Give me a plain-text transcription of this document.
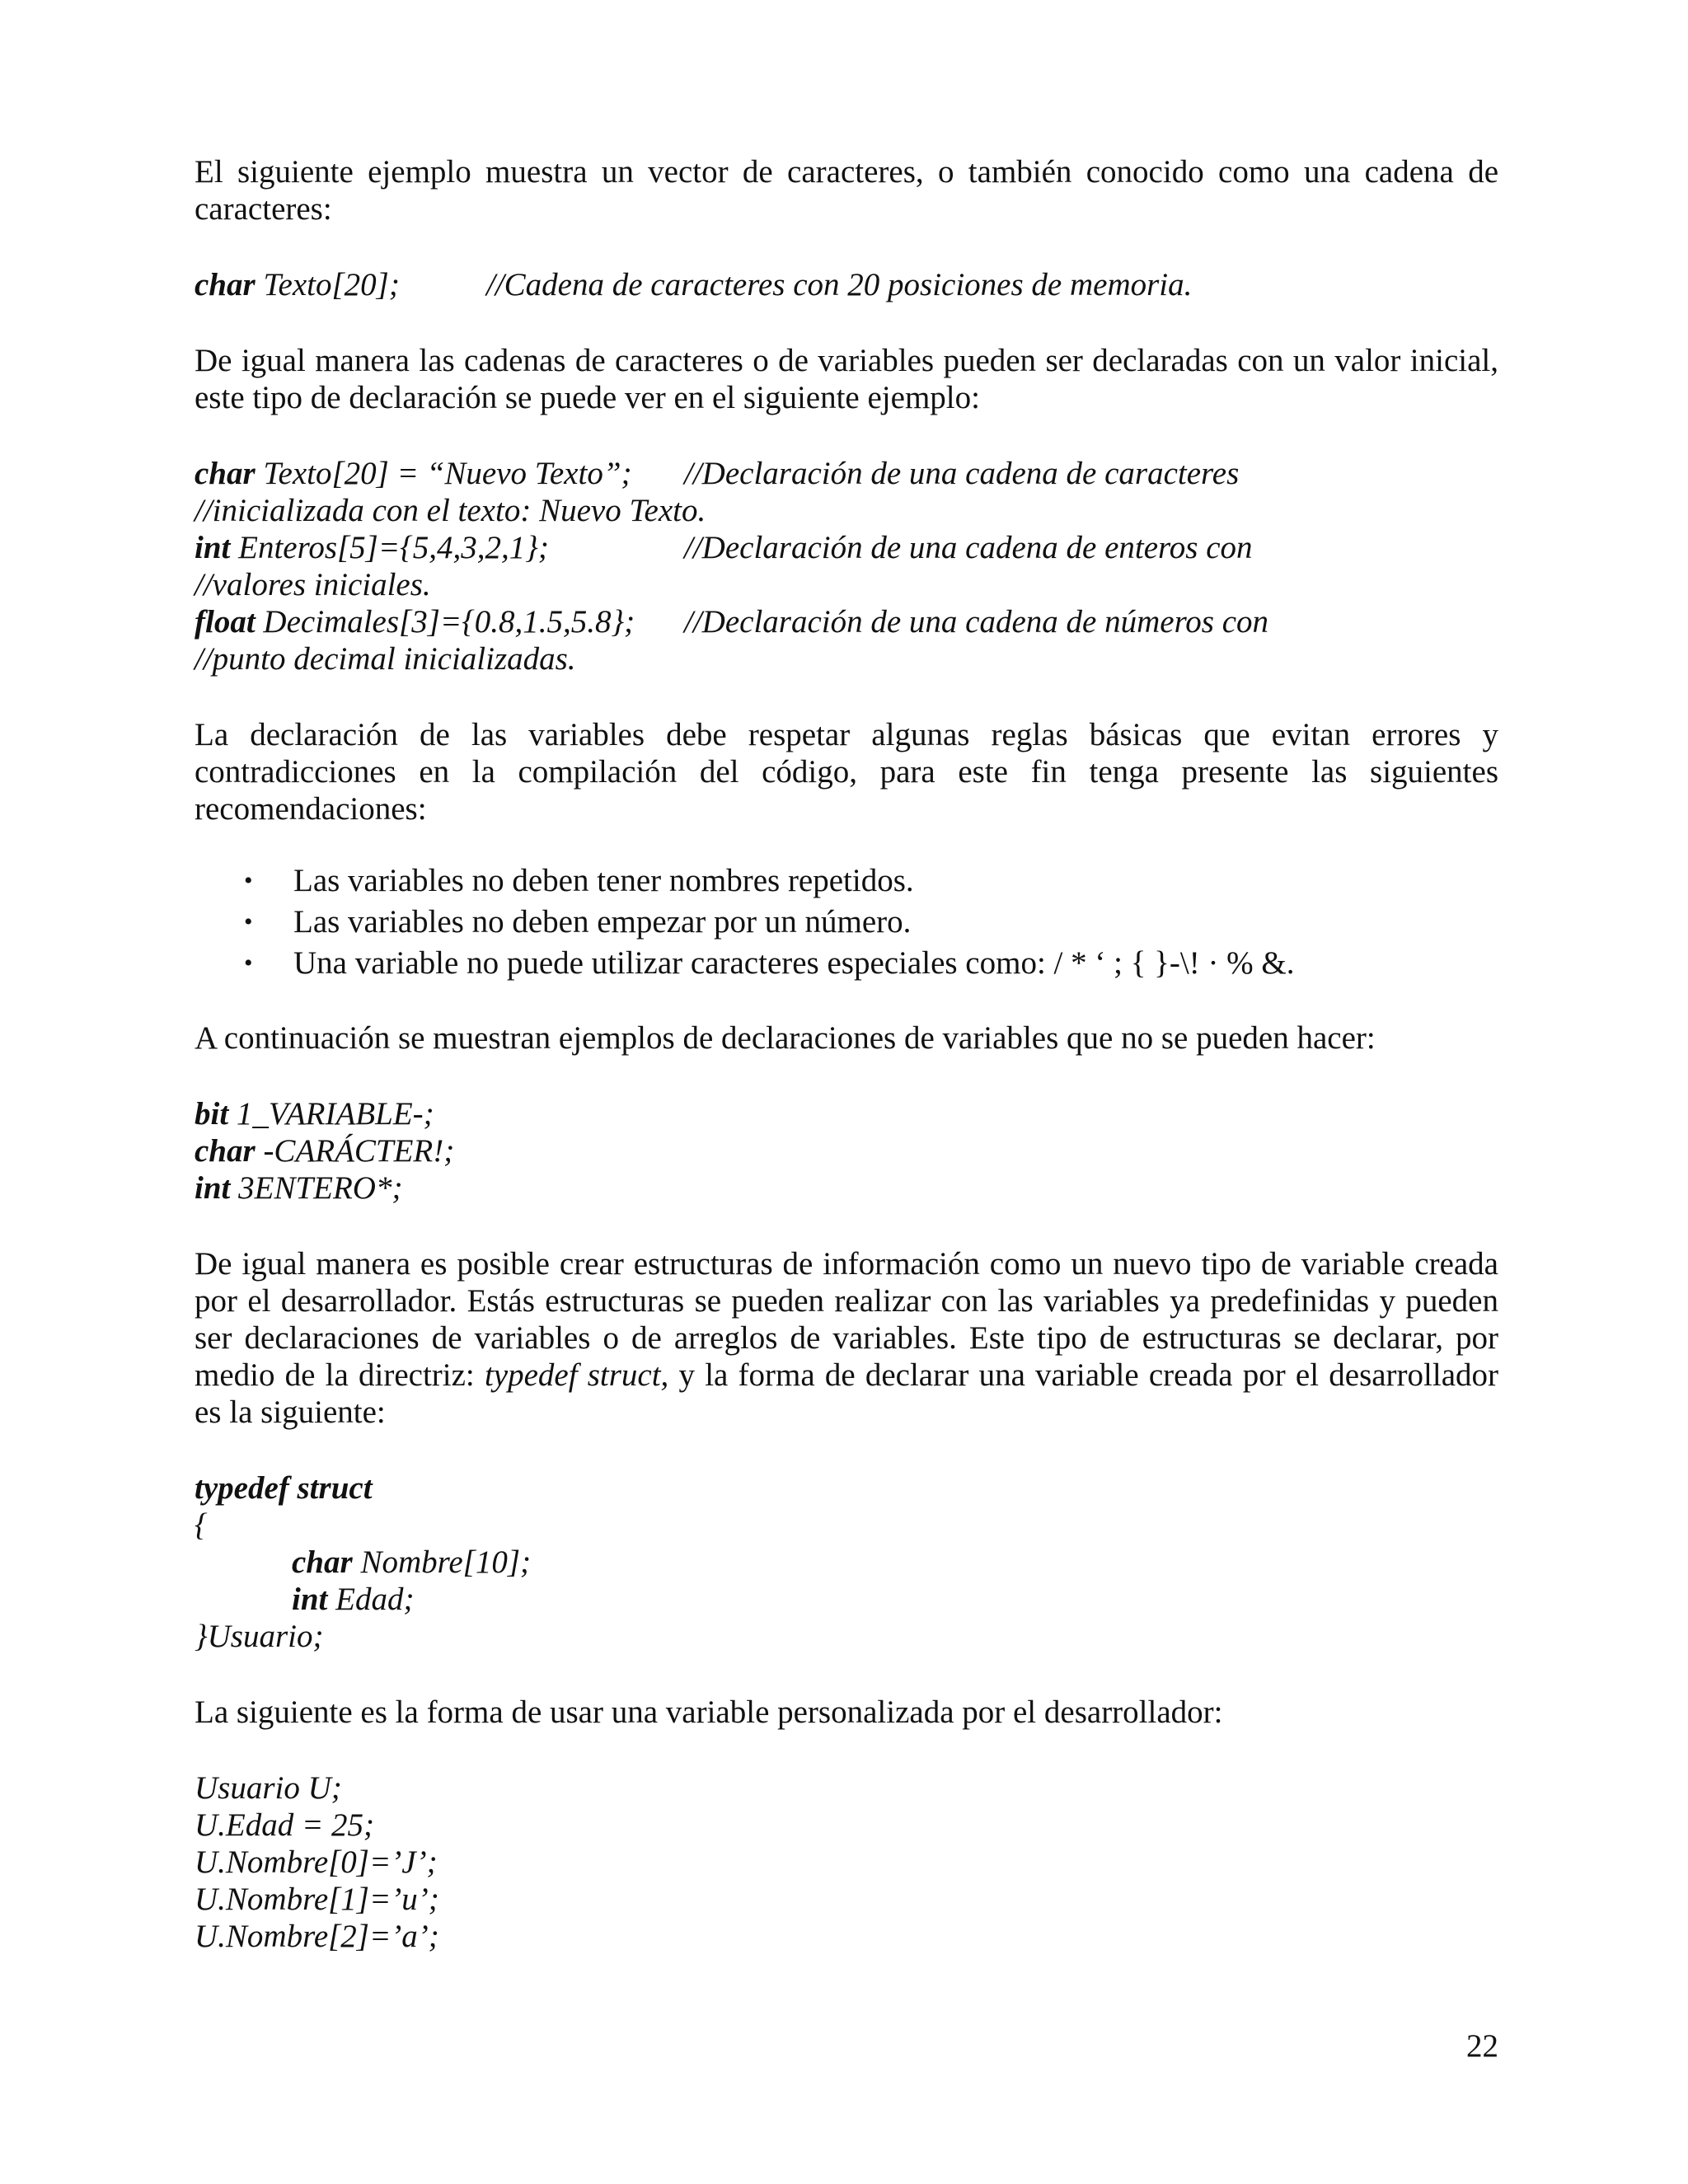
El siguiente ejemplo muestra un vector de caracteres, o también conocido como una cadena de caracteres:

char Texto[20];	//Cadena de caracteres con 20 posiciones de memoria.

De igual manera las cadenas de caracteres o de variables pueden ser declaradas con un valor inicial, este tipo de declaración se puede ver en el siguiente ejemplo:

char Texto[20] = “Nuevo Texto”; //Declaración de una cadena de caracteres
//inicializada con el texto: Nuevo Texto.
int Enteros[5]={5,4,3,2,1};	//Declaración de una cadena de enteros con
//valores iniciales.
float Decimales[3]={0.8,1.5,5.8}; //Declaración de una cadena de números con
//punto decimal inicializadas.

La declaración de las variables debe respetar algunas reglas básicas que evitan errores y contradicciones en la compilación del código, para este fin tenga presente las siguientes recomendaciones:

• Las variables no deben tener nombres repetidos.
• Las variables no deben empezar por un número.
• Una variable no puede utilizar caracteres especiales como: / * ‘ ; { }-\! · % &.

A continuación se muestran ejemplos de declaraciones de variables que no se pueden hacer:

bit 1_VARIABLE-;
char -CARÁCTER!;
int 3ENTERO*;

De igual manera es posible crear estructuras de información como un nuevo tipo de variable creada por el desarrollador. Estás estructuras se pueden realizar con las variables ya predefinidas y pueden ser declaraciones de variables o de arreglos de variables. Este tipo de estructuras se declarar, por medio de la directriz: typedef struct, y la forma de declarar una variable creada por el desarrollador es la siguiente:

typedef struct
{
char Nombre[10];
int Edad;
}Usuario;

La siguiente es la forma de usar una variable personalizada por el desarrollador:

Usuario U;
U.Edad = 25;
U.Nombre[0]=’J’;
U.Nombre[1]=’u’;
U.Nombre[2]=’a’;
22
